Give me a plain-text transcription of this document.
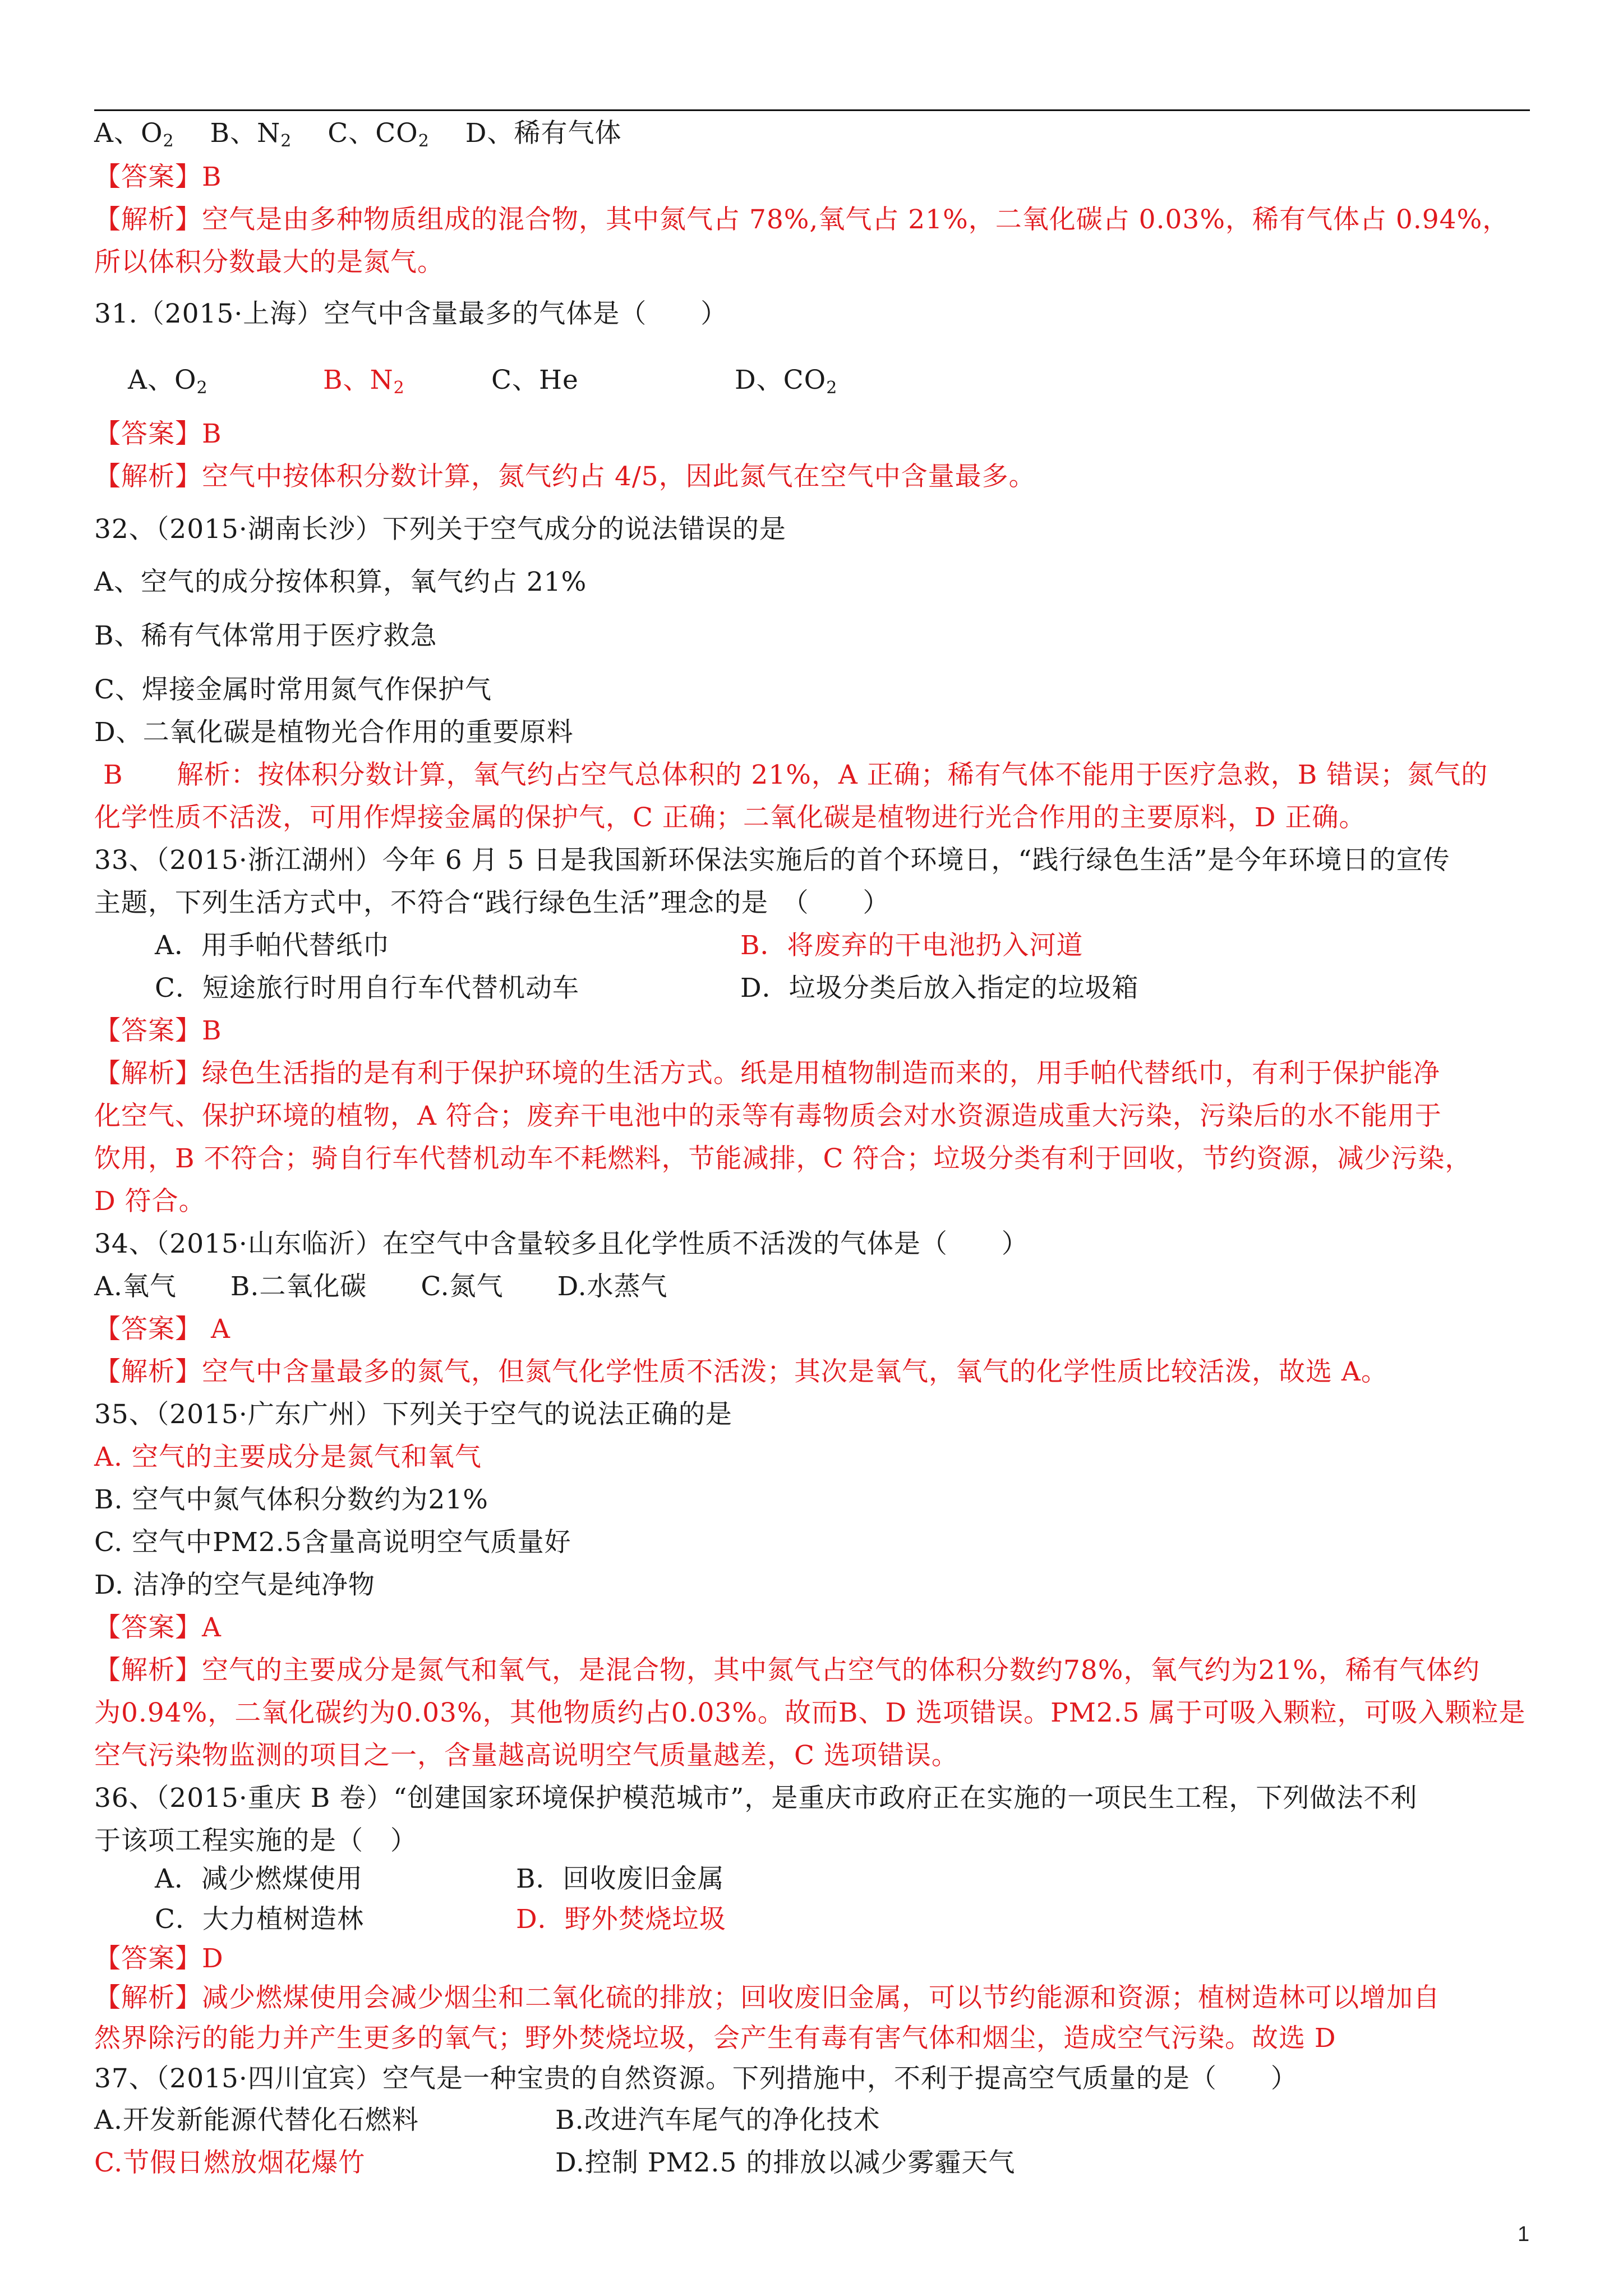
A、$O_2$　 B、$N_2$　 C、$CO_2$　 D、稀有气体
【答案】B
【解析】空气是由多种物质组成的混合物，其中氮气占 78%,氧气占 21%，二氧化碳占 0.03%，稀有气体占 0.94%，
所以体积分数最大的是氮气。
31.（2015·上海）空气中含量最多的气体是（　　）
A、$O_2$	B、$N_2$	C、He	D、$CO_2$
【答案】B
【解析】空气中按体积分数计算，氮气约占 4/5，因此氮气在空气中含量最多。
32、（2015·湖南长沙）下列关于空气成分的说法错误的是
A、空气的成分按体积算，氧气约占 21%
B、稀有气体常用于医疗救急
C、焊接金属时常用氮气作保护气
D、二氧化碳是植物光合作用的重要原料
B　　解析：按体积分数计算，氧气约占空气总体积的 21%，A 正确；稀有气体不能用于医疗急救，B 错误；氮气的
化学性质不活泼，可用作焊接金属的保护气，C 正确；二氧化碳是植物进行光合作用的主要原料，D 正确。
33、（2015·浙江湖州）今年 6 月 5 日是我国新环保法实施后的首个环境日，“践行绿色生活”是今年环境日的宣传
主题，下列生活方式中，不符合“践行绿色生活”理念的是　（　　）
A．用手帕代替纸巾	B．将废弃的干电池扔入河道
C．短途旅行时用自行车代替机动车	D．垃圾分类后放入指定的垃圾箱
【答案】B
【解析】绿色生活指的是有利于保护环境的生活方式。纸是用植物制造而来的，用手帕代替纸巾，有利于保护能净
化空气、保护环境的植物，A 符合；废弃干电池中的汞等有毒物质会对水资源造成重大污染，污染后的水不能用于
饮用，B 不符合；骑自行车代替机动车不耗燃料，节能减排，C 符合；垃圾分类有利于回收，节约资源，减少污染，
D 符合。
34、（2015·山东临沂）在空气中含量较多且化学性质不活泼的气体是（　　）
A.氧气　　B.二氧化碳　　C.氮气　　D.水蒸气
【答案】 A
【解析】空气中含量最多的氮气，但氮气化学性质不活泼；其次是氧气，氧气的化学性质比较活泼，故选 A。
35、（2015·广东广州）下列关于空气的说法正确的是
A. 空气的主要成分是氮气和氧气
B. 空气中氮气体积分数约为21%
C. 空气中PM2.5含量高说明空气质量好
D. 洁净的空气是纯净物
【答案】A
【解析】空气的主要成分是氮气和氧气，是混合物，其中氮气占空气的体积分数约78%，氧气约为21%，稀有气体约
为0.94%，二氧化碳约为0.03%，其他物质约占0.03%。故而B、D 选项错误。PM2.5 属于可吸入颗粒，可吸入颗粒是
空气污染物监测的项目之一，含量越高说明空气质量越差，C 选项错误。
36、（2015·重庆 B 卷）“创建国家环境保护模范城市”，是重庆市政府正在实施的一项民生工程，下列做法不利
于该项工程实施的是（　）
A．减少燃煤使用	B．回收废旧金属
C．大力植树造林	D．野外焚烧垃圾
【答案】D
【解析】减少燃煤使用会减少烟尘和二氧化硫的排放；回收废旧金属，可以节约能源和资源；植树造林可以增加自
然界除污的能力并产生更多的氧气；野外焚烧垃圾，会产生有毒有害气体和烟尘，造成空气污染。故选 D
37、（2015·四川宜宾）空气是一种宝贵的自然资源。下列措施中，不利于提高空气质量的是（　　）
A.开发新能源代替化石燃料	B.改进汽车尾气的净化技术
C.节假日燃放烟花爆竹	D.控制 PM2.5 的排放以减少雾霾天气
1
